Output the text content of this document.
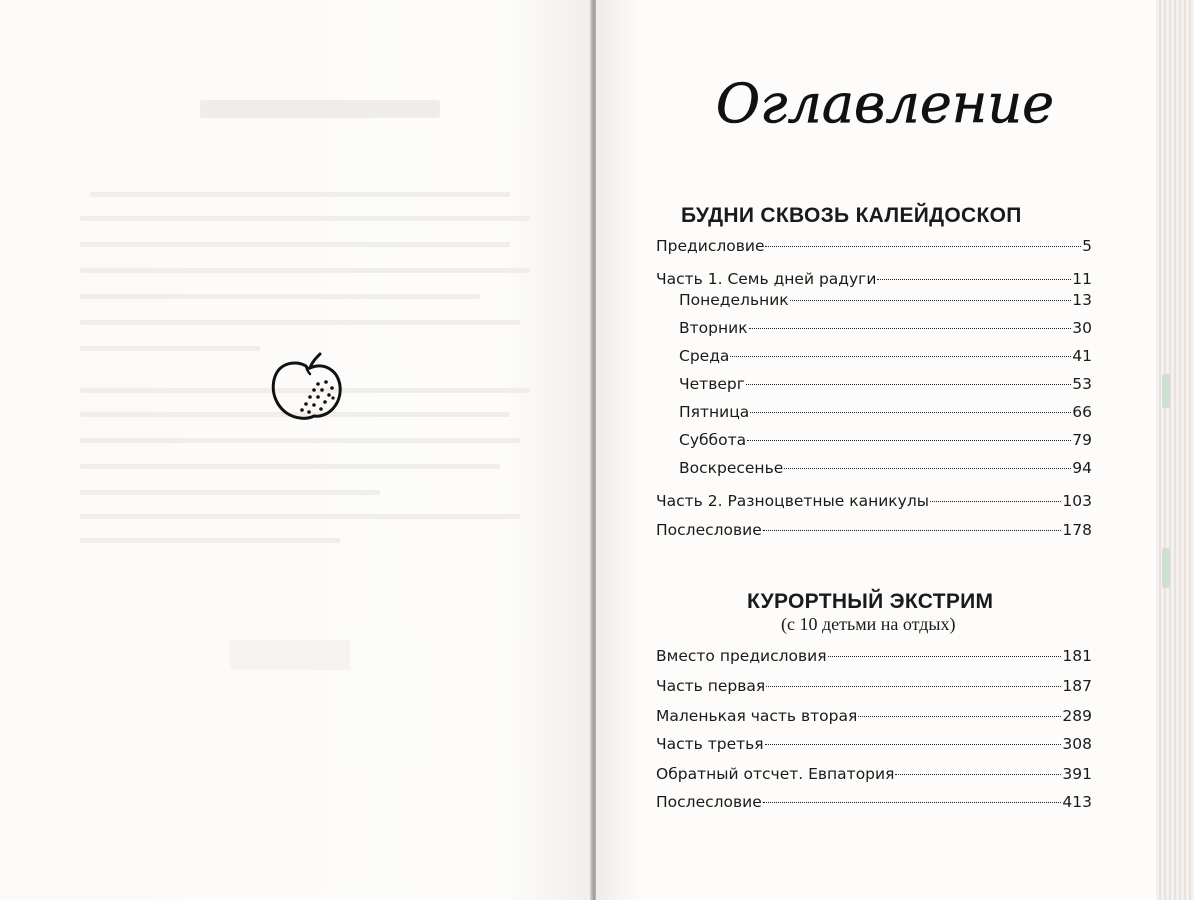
Оглавление
БУДНИ СКВОЗЬ КАЛЕЙДОСКОП
Предисловие	5
Часть 1. Семь дней радуги	11
Понедельник	13
Вторник	30
Среда	41
Четверг	53
Пятница	66
Суббота	79
Воскресенье	94
Часть 2. Разноцветные каникулы	103
Послесловие	178
КУРОРТНЫЙ ЭКСТРИМ
(с 10 детьми на отдых)
Вместо предисловия	181
Часть первая	187
Маленькая часть вторая	289
Часть третья	308
Обратный отсчет. Евпатория	391
Послесловие	413
